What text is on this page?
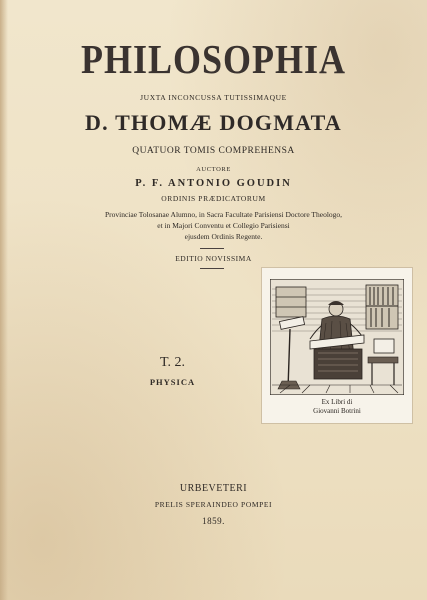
PHILOSOPHIA
JUXTA INCONCUSSA TUTISSIMAQUE
D. THOMÆ DOGMATA
QUATUOR TOMIS COMPREHENSA
AUCTORE
P. F. ANTONIO GOUDIN
ORDINIS PRÆDICATORUM
Provinciae Tolosanae Alumno, in Sacra Facultate Parisiensi Doctore Theologo,
et in Majori Conventu et Collegio Parisiensi
ejusdem Ordinis Regente.
EDITIO NOVISSIMA
T. 2.
PHYSICA
URBEVETERI
PRELIS SPERAINDEO POMPEI
1859.
Ex Libri di
Giovanni Botrini
